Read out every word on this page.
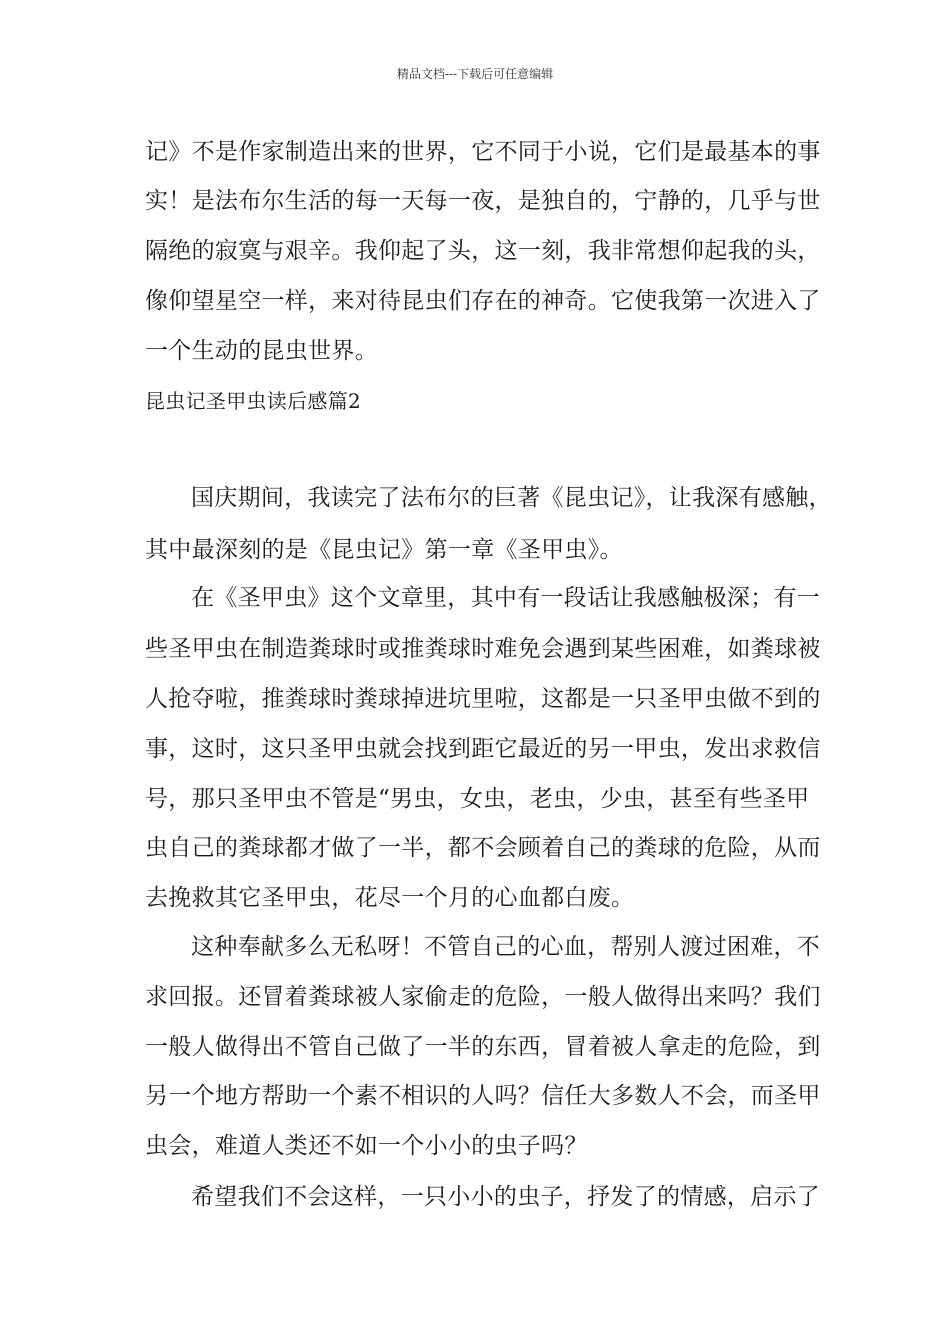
精品文档---下载后可任意编辑
记》不是作家制造出来的世界，它不同于小说，它们是最基本的事
实！是法布尔生活的每一天每一夜，是独自的，宁静的，几乎与世
隔绝的寂寞与艰辛。我仰起了头，这一刻，我非常想仰起我的头，
像仰望星空一样，来对待昆虫们存在的神奇。它使我第一次进入了
一个生动的昆虫世界。
昆虫记圣甲虫读后感篇2
国庆期间，我读完了法布尔的巨著《昆虫记》，让我深有感触，
其中最深刻的是《昆虫记》第一章《圣甲虫》。
在《圣甲虫》这个文章里，其中有一段话让我感触极深；有一
些圣甲虫在制造粪球时或推粪球时难免会遇到某些困难，如粪球被
人抢夺啦，推粪球时粪球掉进坑里啦，这都是一只圣甲虫做不到的
事，这时，这只圣甲虫就会找到距它最近的另一甲虫，发出求救信
号，那只圣甲虫不管是“男虫，女虫，老虫，少虫，甚至有些圣甲
虫自己的粪球都才做了一半，都不会顾着自己的粪球的危险，从而
去挽救其它圣甲虫，花尽一个月的心血都白废。
这种奉献多么无私呀！不管自己的心血，帮别人渡过困难，不
求回报。还冒着粪球被人家偷走的危险，一般人做得出来吗？我们
一般人做得出不管自己做了一半的东西，冒着被人拿走的危险，到
另一个地方帮助一个素不相识的人吗？信任大多数人不会，而圣甲
虫会，难道人类还不如一个小小的虫子吗？
希望我们不会这样，一只小小的虫子，抒发了的情感，启示了
